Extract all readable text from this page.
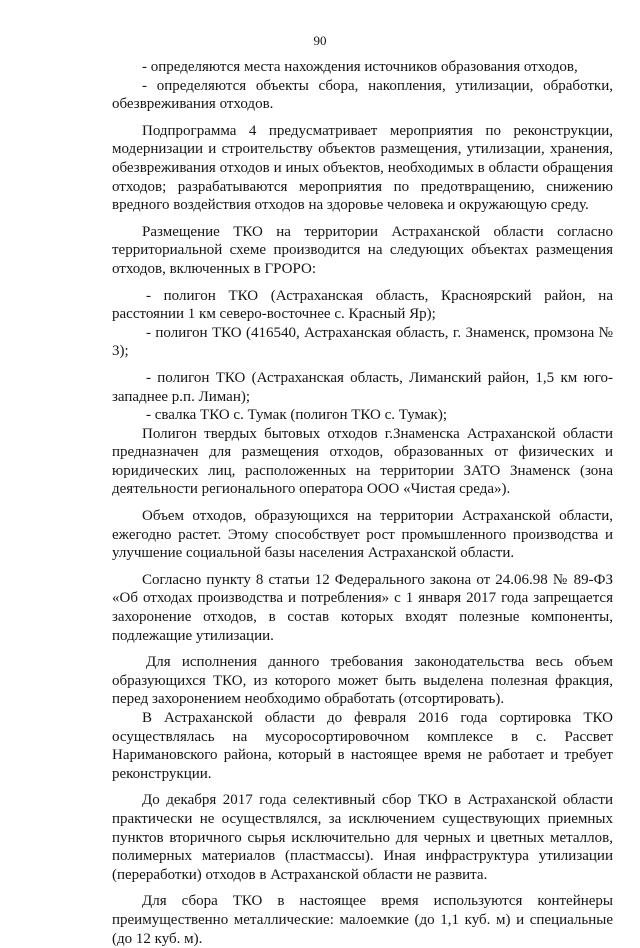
90

- определяются места нахождения источников образования отходов,

- определяются объекты сбора, накопления, утилизации, обработки, обезвреживания отходов.

Подпрограмма 4 предусматривает мероприятия по реконструкции, модернизации и строительству объектов размещения, утилизации, хранения, обезвреживания отходов и иных объектов, необходимых в области обращения отходов; разрабатываются мероприятия по предотвращению, снижению вредного воздействия отходов на здоровье человека и окружающую среду.

Размещение ТКО на территории Астраханской области согласно территориальной схеме производится на следующих объектах размещения отходов, включенных в ГРОРО:

- полигон ТКО (Астраханская область, Красноярский район, на расстоянии 1 км северо-восточнее с. Красный Яр);

- полигон ТКО (416540, Астраханская область, г. Знаменск, промзона № 3);

- полигон ТКО (Астраханская область, Лиманский район, 1,5 км юго-западнее р.п. Лиман);

- свалка ТКО с. Тумак (полигон ТКО с. Тумак);

Полигон твердых бытовых отходов г.Знаменска Астраханской области предназначен для размещения отходов, образованных от физических и юридических лиц, расположенных на территории ЗАТО Знаменск (зона деятельности регионального оператора ООО «Чистая среда»).

Объем отходов, образующихся на территории Астраханской области, ежегодно растет. Этому способствует рост промышленного производства и улучшение социальной базы населения Астраханской области.

Согласно пункту 8 статьи 12 Федерального закона от 24.06.98 № 89-ФЗ «Об отходах производства и потребления» с 1 января 2017 года запрещается захоронение отходов, в состав которых входят полезные компоненты, подлежащие утилизации.

Для исполнения данного требования законодательства весь объем образующихся ТКО, из которого может быть выделена полезная фракция, перед захоронением необходимо обработать (отсортировать).

В Астраханской области до февраля 2016 года сортировка ТКО осуществлялась на мусоросортировочном комплексе в с. Рассвет Наримановского района, который в настоящее время не работает и требует реконструкции.

До декабря 2017 года селективный сбор ТКО в Астраханской области практически не осуществлялся, за исключением существующих приемных пунктов вторичного сырья исключительно для черных и цветных металлов, полимерных материалов (пластмассы). Иная инфраструктура утилизации (переработки) отходов в Астраханской области не развита.

Для сбора ТКО в настоящее время используются контейнеры преимущественно металлические: малоемкие (до 1,1 куб. м) и специальные (до 12 куб. м).
